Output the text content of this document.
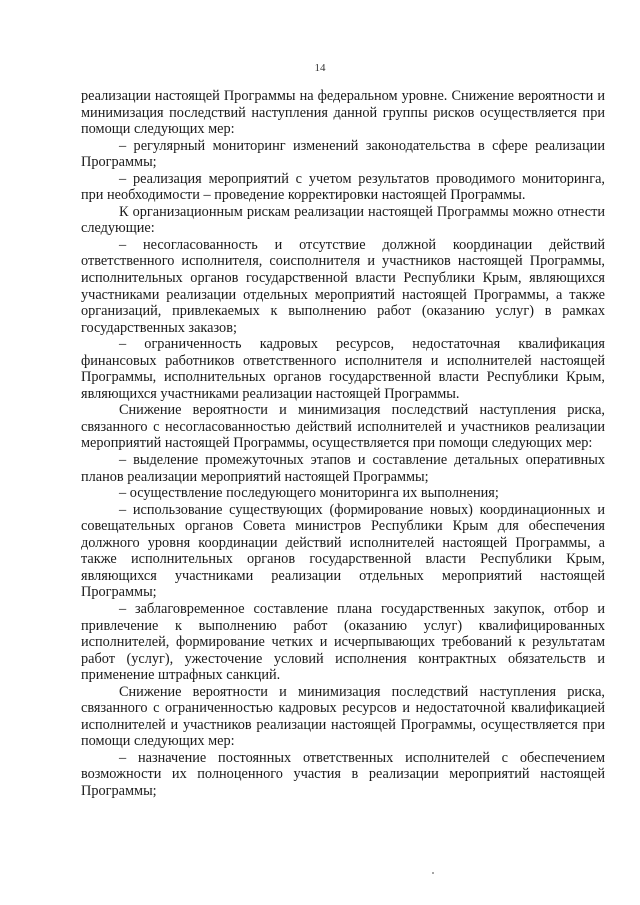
14

реализации настоящей Программы на федеральном уровне. Снижение вероятности и минимизация последствий наступления данной группы рисков осуществляется при помощи следующих мер:

– регулярный мониторинг изменений законодательства в сфере реализации Программы;

– реализация мероприятий с учетом результатов проводимого мониторинга, при необходимости – проведение корректировки настоящей Программы.

К организационным рискам реализации настоящей Программы можно отнести следующие:

– несогласованность и отсутствие должной координации действий ответственного исполнителя, соисполнителя и участников настоящей Программы, исполнительных органов государственной власти Республики Крым, являющихся участниками реализации отдельных мероприятий настоящей Программы, а также организаций, привлекаемых к выполнению работ (оказанию услуг) в рамках государственных заказов;

– ограниченность кадровых ресурсов, недостаточная квалификация финансовых работников ответственного исполнителя и исполнителей настоящей Программы, исполнительных органов государственной власти Республики Крым, являющихся участниками реализации настоящей Программы.

Снижение вероятности и минимизация последствий наступления риска, связанного с несогласованностью действий исполнителей и участников реализации мероприятий настоящей Программы, осуществляется при помощи следующих мер:

– выделение промежуточных этапов и составление детальных оперативных планов реализации мероприятий настоящей Программы;

– осуществление последующего мониторинга их выполнения;

– использование существующих (формирование новых) координационных и совещательных органов Совета министров Республики Крым для обеспечения должного уровня координации действий исполнителей настоящей Программы, а также исполнительных органов государственной власти Республики Крым, являющихся участниками реализации отдельных мероприятий настоящей Программы;

– заблаговременное составление плана государственных закупок, отбор и привлечение к выполнению работ (оказанию услуг) квалифицированных исполнителей, формирование четких и исчерпывающих требований к результатам работ (услуг), ужесточение условий исполнения контрактных обязательств и применение штрафных санкций.

Снижение вероятности и минимизация последствий наступления риска, связанного с ограниченностью кадровых ресурсов и недостаточной квалификацией исполнителей и участников реализации настоящей Программы, осуществляется при помощи следующих мер:

– назначение постоянных ответственных исполнителей с обеспечением возможности их полноценного участия в реализации мероприятий настоящей Программы;
